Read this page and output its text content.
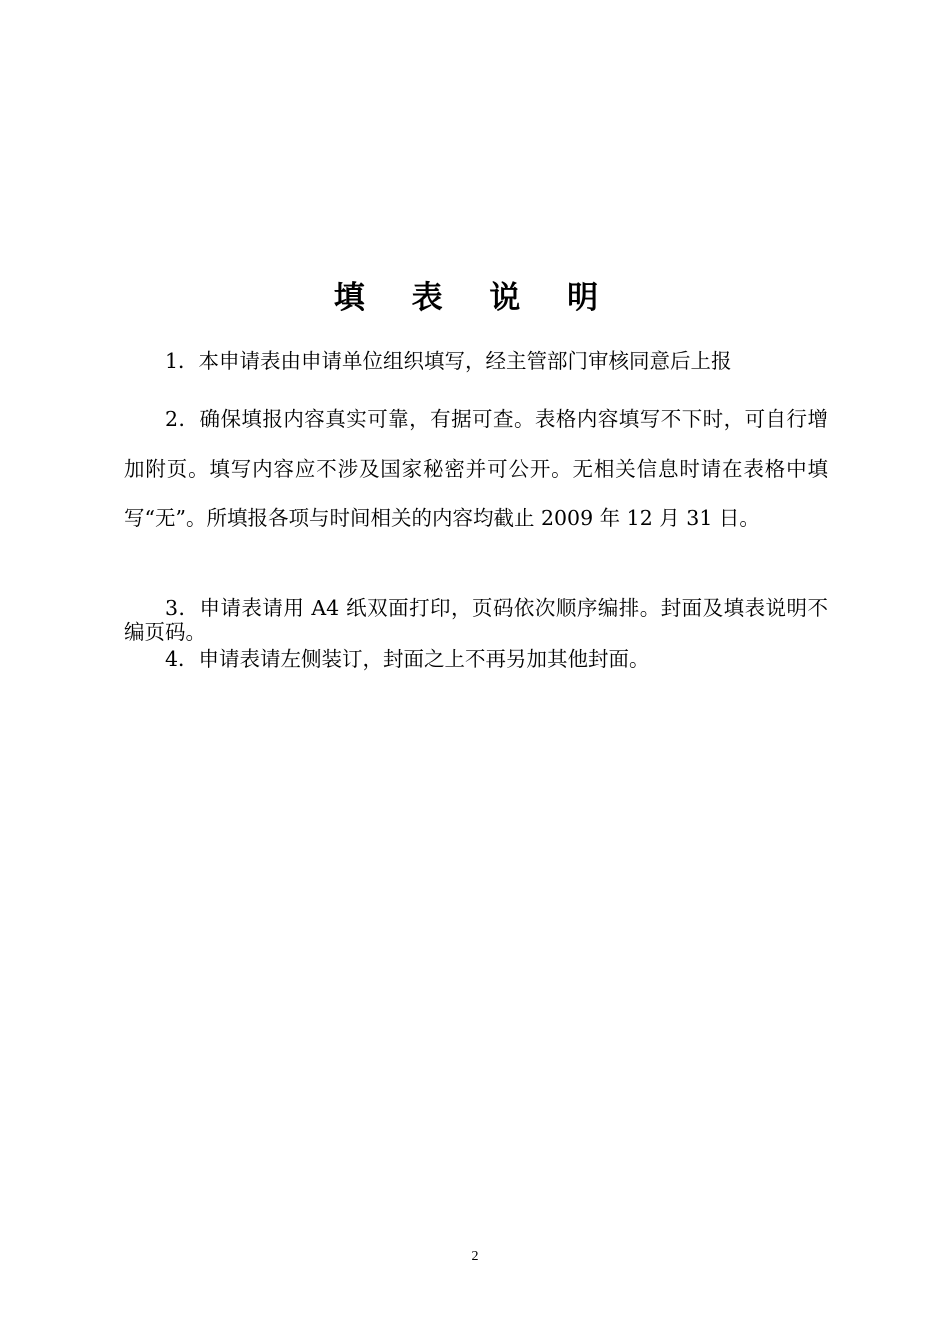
填 表 说 明
1．本申请表由申请单位组织填写，经主管部门审核同意后上报
2．确保填报内容真实可靠，有据可查。表格内容填写不下时，可自行增加附页。填写内容应不涉及国家秘密并可公开。无相关信息时请在表格中填写“无”。所填报各项与时间相关的内容均截止 2009 年 12 月 31 日。
3．申请表请用 A4 纸双面打印，页码依次顺序编排。封面及填表说明不编页码。
4．申请表请左侧装订，封面之上不再另加其他封面。
2
